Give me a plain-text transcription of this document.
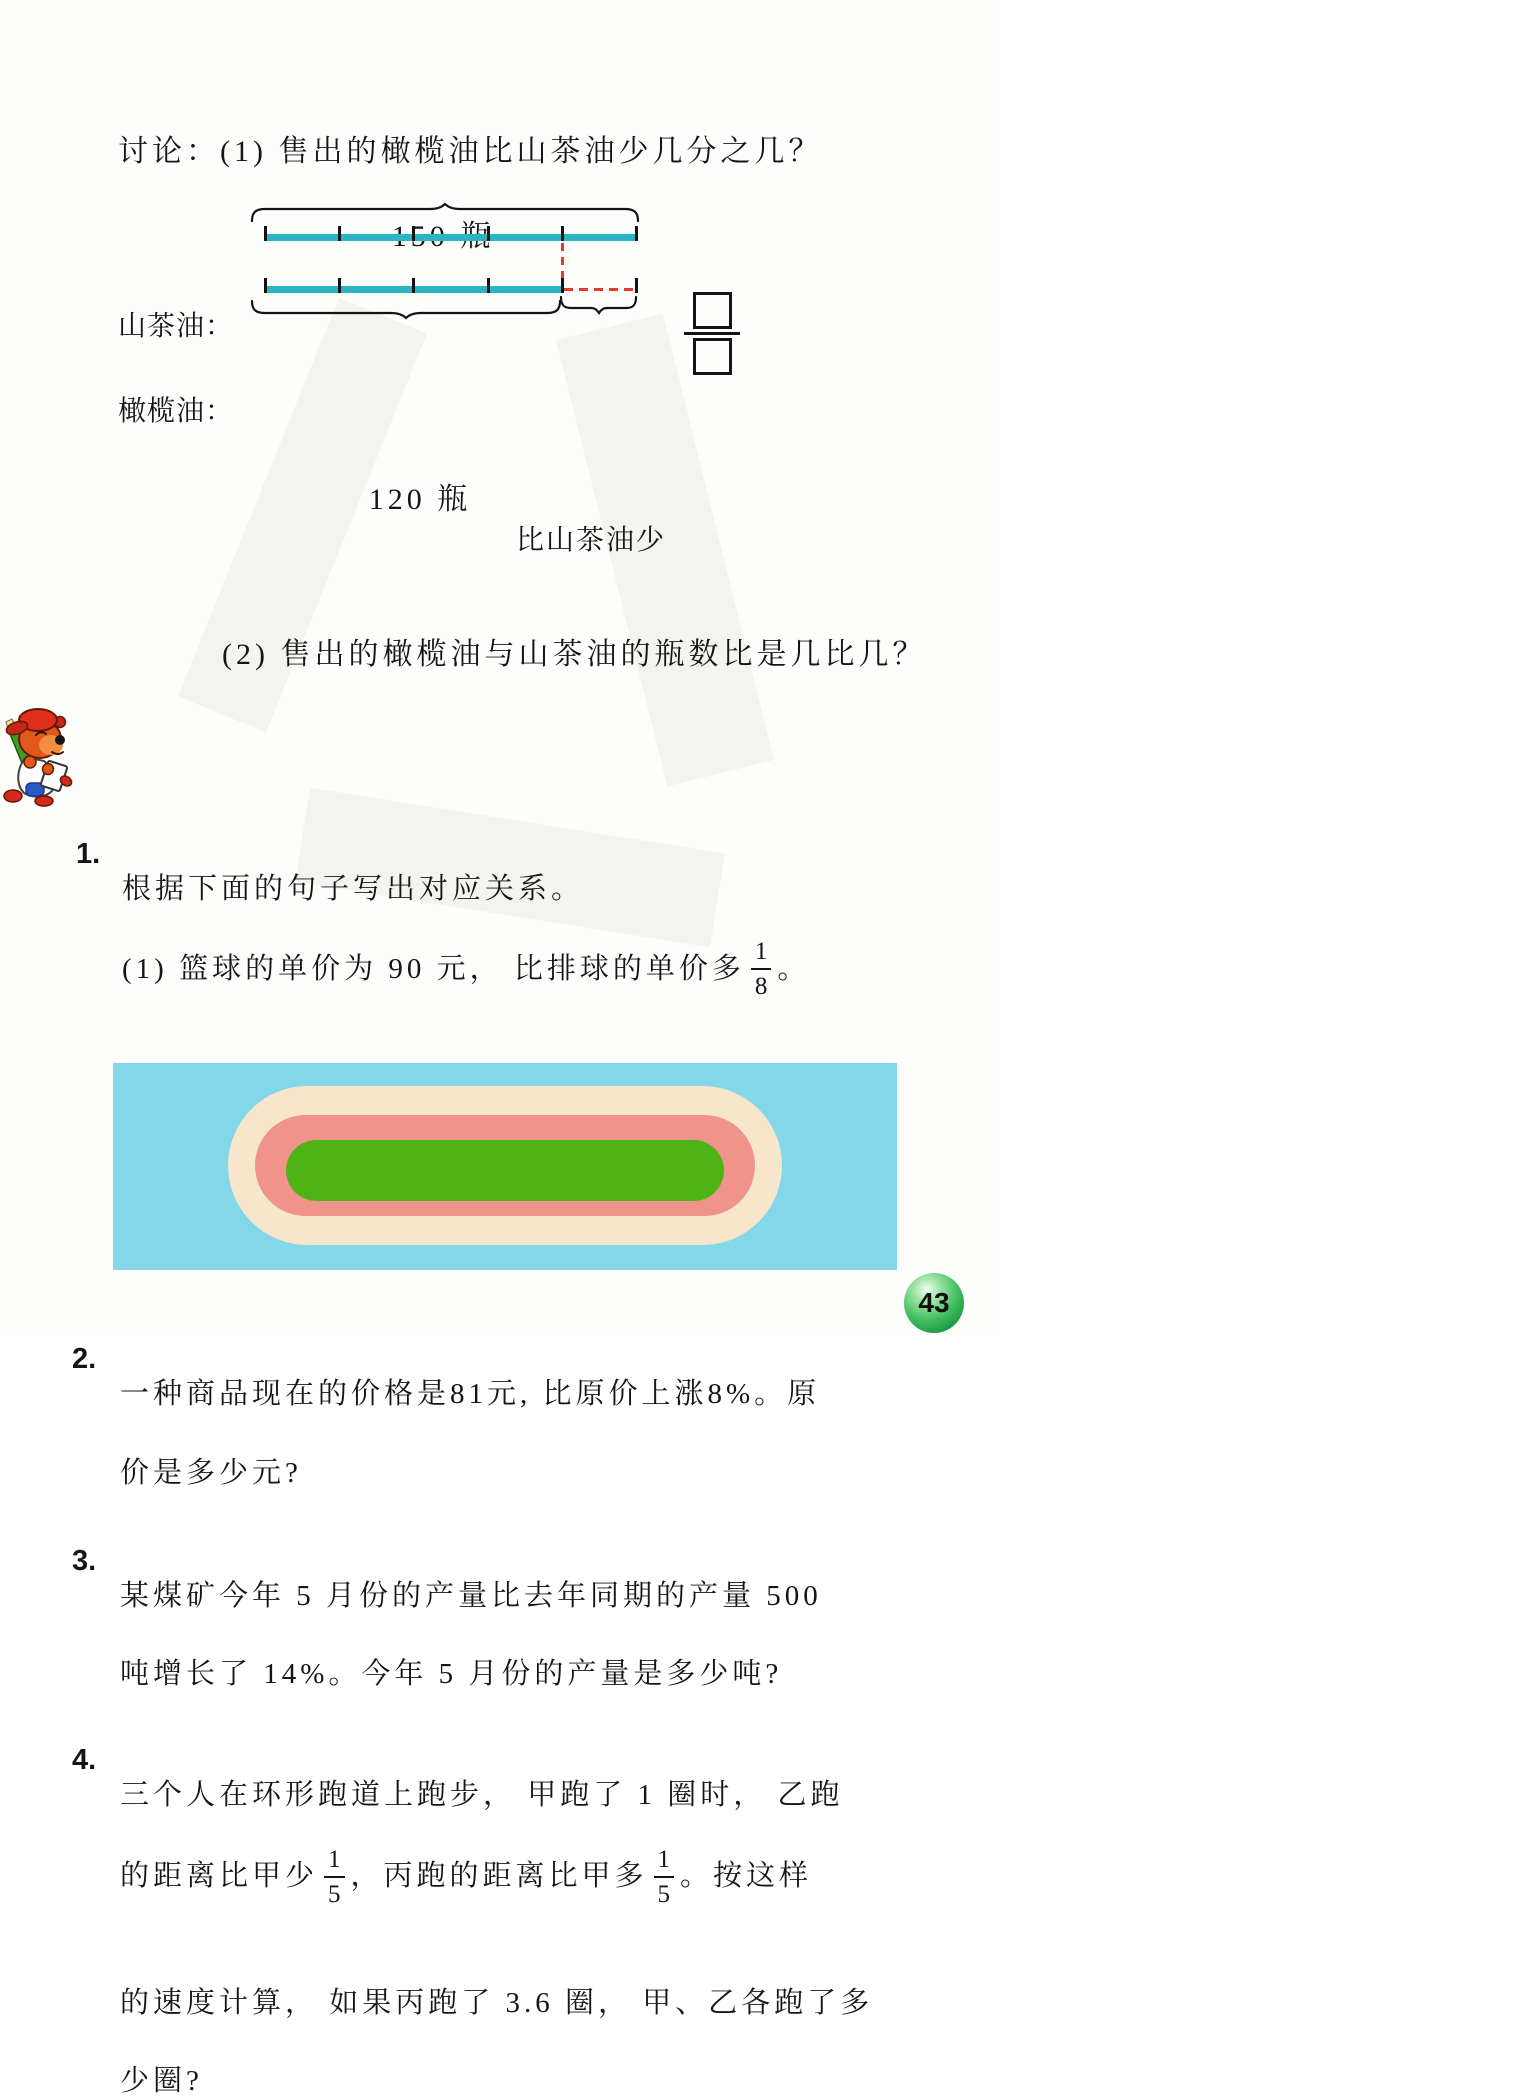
讨论：(1) 售出的橄榄油比山茶油少几分之几？
山茶油：
橄榄油：
120 瓶
比山茶油少
(2) 售出的橄榄油与山茶油的瓶数比是几比几？
1.
根据下面的句子写出对应关系。
(1) 篮球的单价为 90 元， 比排球的单价多 $\frac{1}{8}$ 。
2.
一种商品现在的价格是81元, 比原价上涨8%。原
价是多少元?
3.
某煤矿今年 5 月份的产量比去年同期的产量 500
吨增长了 14%。今年 5 月份的产量是多少吨?
4.
三个人在环形跑道上跑步， 甲跑了 1 圈时， 乙跑
的距离比甲少 $\frac{1}{5}$ ，丙跑的距离比甲多 $\frac{1}{5}$ 。按这样
的速度计算， 如果丙跑了 3.6 圈， 甲、乙各跑了多
少圈?
43
